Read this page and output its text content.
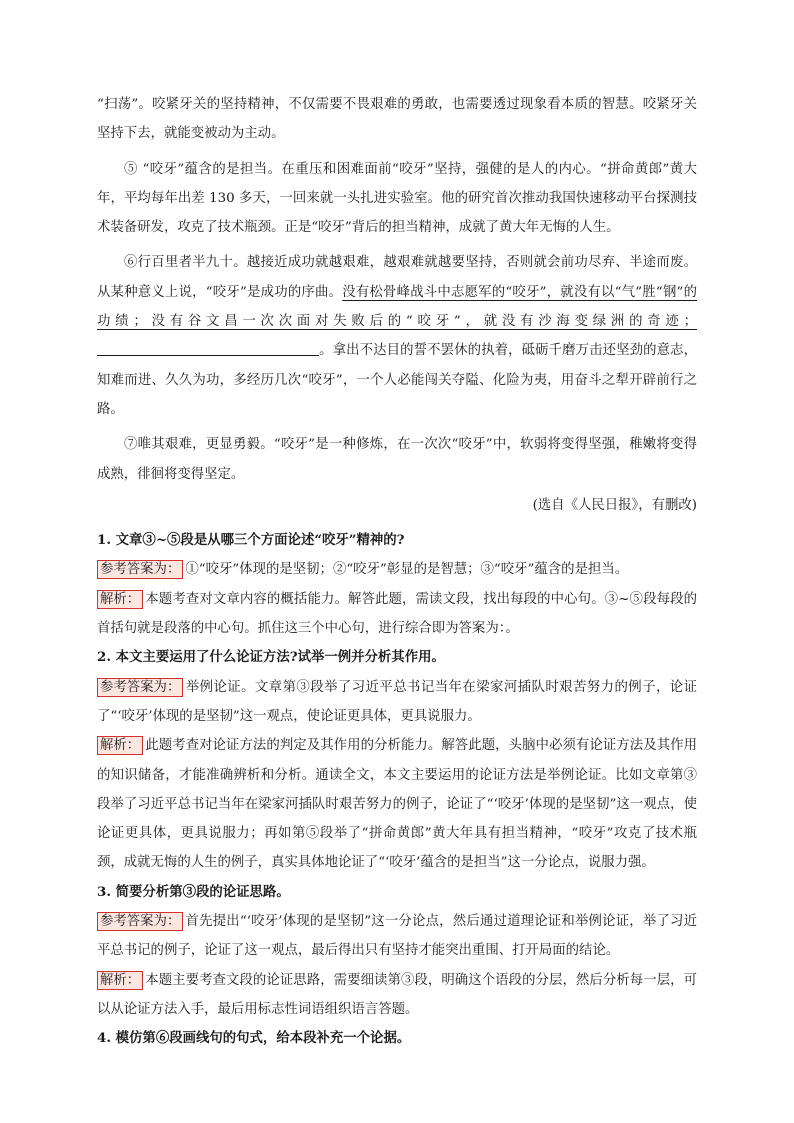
“扫荡”。咬紧牙关的坚持精神，不仅需要不畏艰难的勇敢，也需要透过现象看本质的智慧。咬紧牙关坚持下去，就能变被动为主动。

⑤ “咬牙”蕴含的是担当。在重压和困难面前“咬牙”坚持，强健的是人的内心。“拼命黄郎”黄大年，平均每年出差 130 多天，一回来就一头扎进实验室。他的研究首次推动我国快速移动平台探测技术装备研发，攻克了技术瓶颈。正是“咬牙”背后的担当精神，成就了黄大年无悔的人生。

⑥行百里者半九十。越接近成功就越艰难，越艰难就越要坚持，否则就会前功尽弃、半途而废。从某种意义上说，“咬牙”是成功的序曲。没有松骨峰战斗中志愿军的“咬牙”，就没有以“气”胜“钢”的功绩；没有谷文昌一次次面对失败后的“咬牙”，就没有沙海变绿洲的奇迹；。拿出不达目的誓不罢休的执着，砥砺千磨万击还坚劲的意志，知难而进、久久为功，多经历几次“咬牙”，一个人必能闯关夺隘、化险为夷，用奋斗之犁开辟前行之路。

⑦唯其艰难，更显勇毅。“咬牙”是一种修炼，在一次次“咬牙”中，软弱将变得坚强，稚嫩将变得成熟，徘徊将变得坚定。

(选自《人民日报》，有删改)

1. 文章③~⑤段是从哪三个方面论述“咬牙”精神的?

参考答案为： ①“咬牙”体现的是坚韧；②“咬牙”彰显的是智慧；③“咬牙”蕴含的是担当。

解析： 本题考查对文章内容的概括能力。解答此题，需读文段，找出每段的中心句。③~⑤段每段的首括句就是段落的中心句。抓住这三个中心句，进行综合即为答案为：。

2. 本文主要运用了什么论证方法?试举一例并分析其作用。

参考答案为： 举例论证。文章第③段举了习近平总书记当年在梁家河插队时艰苦努力的例子，论证了“‘咬牙’体现的是坚韧”这一观点，使论证更具体，更具说服力。

解析： 此题考查对论证方法的判定及其作用的分析能力。解答此题，头脑中必须有论证方法及其作用的知识储备，才能准确辨析和分析。通读全文，本文主要运用的论证方法是举例论证。比如文章第③段举了习近平总书记当年在梁家河插队时艰苦努力的例子，论证了“‘咬牙’体现的是坚韧”这一观点，使论证更具体，更具说服力；再如第⑤段举了“拼命黄郎”黄大年具有担当精神，“咬牙”攻克了技术瓶颈，成就无悔的人生的例子，真实具体地论证了“‘咬牙’蕴含的是担当”这一分论点，说服力强。

3. 简要分析第③段的论证思路。

参考答案为： 首先提出“‘咬牙’体现的是坚韧”这一分论点，然后通过道理论证和举例论证，举了习近平总书记的例子，论证了这一观点，最后得出只有坚持才能突出重围、打开局面的结论。

解析： 本题主要考查文段的论证思路，需要细读第③段，明确这个语段的分层，然后分析每一层，可以从论证方法入手，最后用标志性词语组织语言答题。

4. 模仿第⑥段画线句的句式，给本段补充一个论据。
